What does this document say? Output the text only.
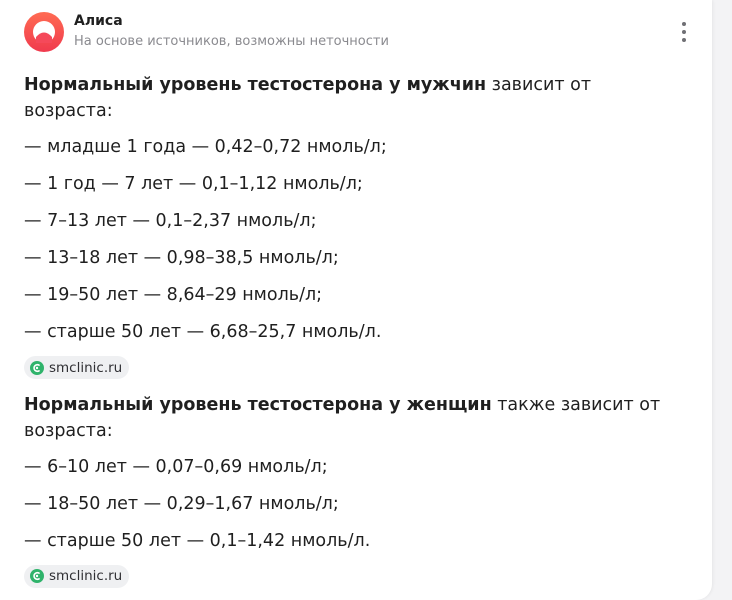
Алиса
На основе источников, возможны неточности

Нормальный уровень тестостерона у мужчин зависит от возраста:

— младше 1 года — 0,42–0,72 нмоль/л;
— 1 год — 7 лет — 0,1–1,12 нмоль/л;
— 7–13 лет — 0,1–2,37 нмоль/л;
— 13–18 лет — 0,98–38,5 нмоль/л;
— 19–50 лет — 8,64–29 нмоль/л;
— старше 50 лет — 6,68–25,7 нмоль/л.
smclinic.ru

Нормальный уровень тестостерона у женщин также зависит от возраста:

— 6–10 лет — 0,07–0,69 нмоль/л;
— 18–50 лет — 0,29–1,67 нмоль/л;
— старше 50 лет — 0,1–1,42 нмоль/л.
smclinic.ru
